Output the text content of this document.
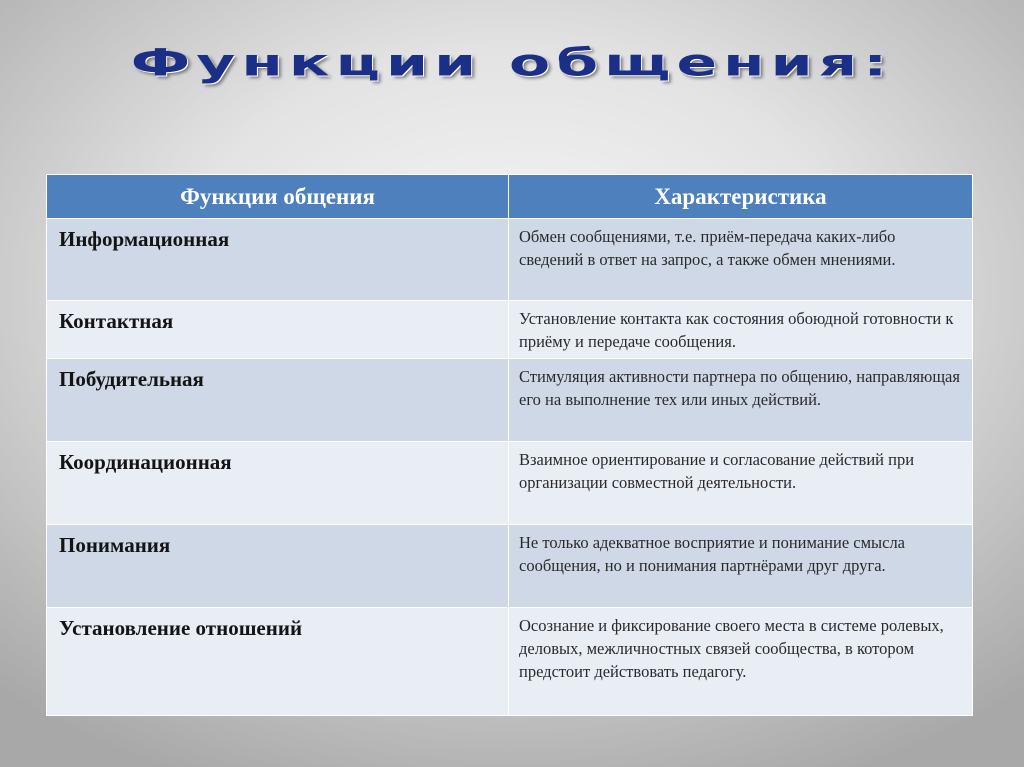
Функции общения:
Функции общения	Характеристика
Информационная	Обмен сообщениями, т.е. приём-передача каких-либо сведений в ответ на запрос, а также обмен мнениями.
Контактная	Установление контакта как состояния обоюдной готовности к приёму и передаче сообщения.
Побудительная	Стимуляция активности партнера по общению, направляющая его на выполнение тех или иных действий.
Координационная	Взаимное ориентирование и согласование действий при организации совместной деятельности.
Понимания	Не только адекватное восприятие и понимание смысла сообщения, но и понимания партнёрами друг друга.
Установление отношений	Осознание и фиксирование своего места в системе ролевых, деловых, межличностных связей сообщества, в котором предстоит действовать педагогу.
